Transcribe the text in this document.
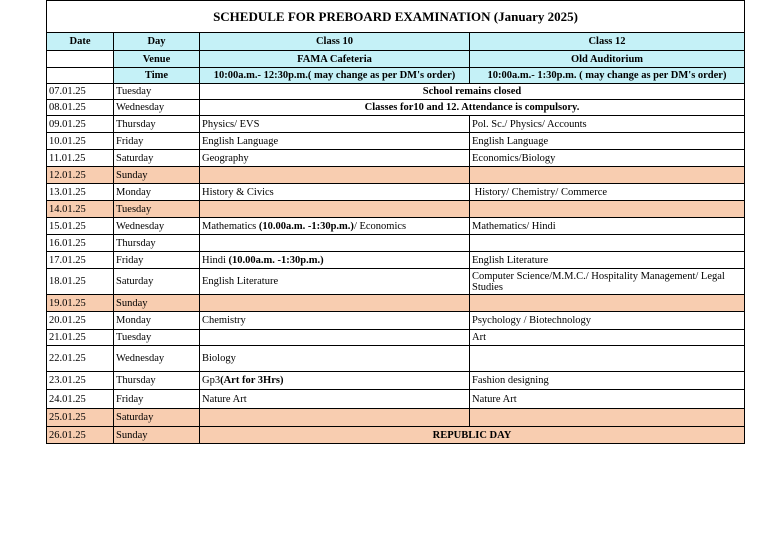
SCHEDULE FOR PREBOARD EXAMINATION (January 2025)			
Date	Day	Class 10	Class 12
	Venue	FAMA Cafeteria	Old Auditorium
	Time	10:00a.m.- 12:30p.m.( may change as per DM's order)	10:00a.m.- 1:30p.m. ( may change as per DM's order)
07.01.25	Tuesday	School remains closed	
08.01.25	Wednesday	Classes for10 and 12. Attendance is compulsory.	
09.01.25	Thursday	Physics/ EVS	Pol. Sc./ Physics/ Accounts
10.01.25	Friday	English Language	English Language
11.01.25	Saturday	Geography	Economics/Biology
12.01.25	Sunday		
13.01.25	Monday	History & Civics	History/ Chemistry/ Commerce
14.01.25	Tuesday		
15.01.25	Wednesday	Mathematics (10.00a.m. -1:30p.m.)/ Economics	Mathematics/ Hindi
16.01.25	Thursday		
17.01.25	Friday	Hindi (10.00a.m. -1:30p.m.)	English Literature
18.01.25	Saturday	English Literature	Computer Science/M.M.C./ Hospitality Management/ Legal Studies
19.01.25	Sunday		
20.01.25	Monday	Chemistry	Psychology / Biotechnology
21.01.25	Tuesday		Art
22.01.25	Wednesday	Biology	
23.01.25	Thursday	Gp3(Art for 3Hrs)	Fashion designing
24.01.25	Friday	Nature Art	Nature Art
25.01.25	Saturday		
26.01.25	Sunday	REPUBLIC DAY	
